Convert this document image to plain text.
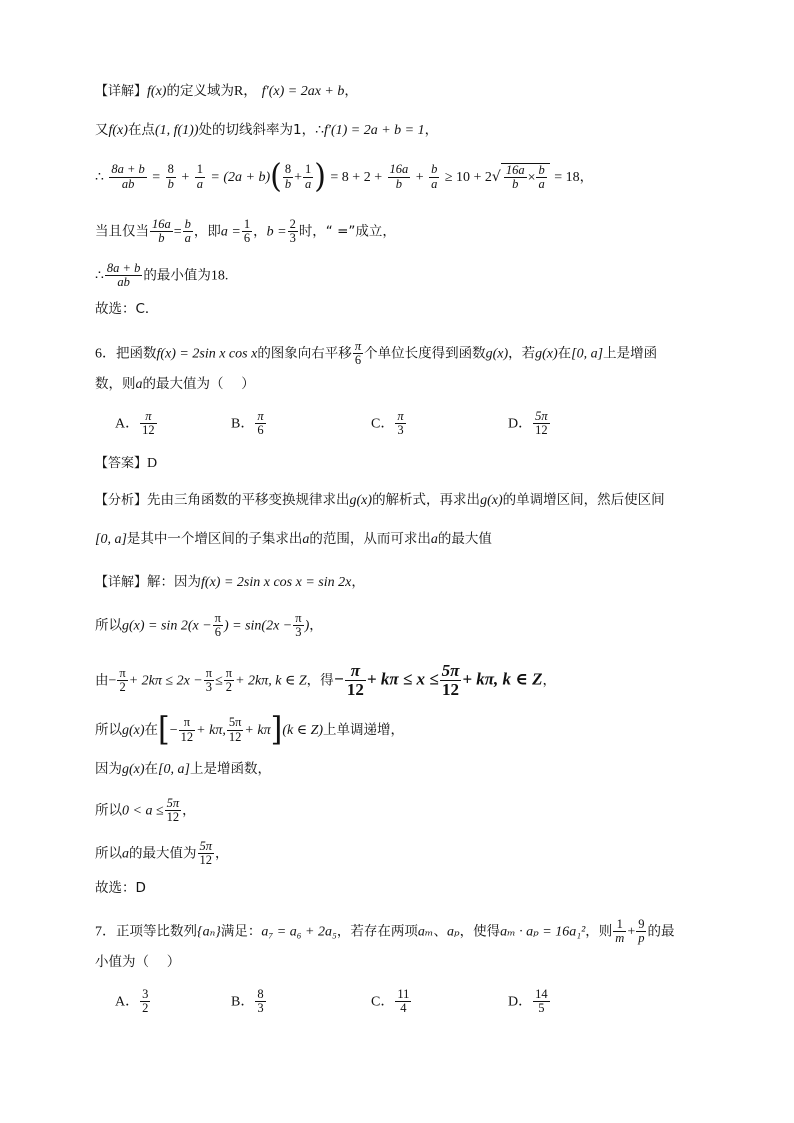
【详解】f(x)的定义域为R， f′(x) = 2ax + b，
又f(x)在点(1, f(1))处的切线斜率为1，∴f′(1) = 2a + b = 1，
∴ $\frac{8a + b}{ab} = \frac{8}{b} + \frac{1}{a} = (2a + b)( \frac{8}{b} + \frac{1}{a}$ ) = $8 + 2 + \frac{16a}{b} + \frac{b}{a} \ge 10 + 2√ \frac{16a}{b} \times \frac{b}{a} = 18$，
当且仅当 $\frac{16a}{b} = \frac{b}{a}$ ，即$a = \frac{1}{6}$ ，$b = \frac{2}{3}$ 时，“ =”成立，
∴ $\frac{8a + b}{ab}$ 的最小值为18.
故选：C．
6．把函数f(x) = 2sin x cos x的图象向右平移 $\frac{\pi}{6}$ 个单位长度得到函数g(x)，若g(x)在[0, a]上是增函
数，则a的最大值为（　 ）
A． $\frac{\pi}{12}$	B． $\frac{\pi}{6}$	C． $\frac{\pi}{3}$	D． $\frac{5\pi}{12}$
【答案】D
【分析】先由三角函数的平移变换规律求出g(x)的解析式，再求出g(x)的单调增区间，然后使区间
[0, a]是其中一个增区间的子集求出a的范围，从而可求出a的最大值
【详解】解：因为f(x) = 2sin x cos x = sin 2x，
所以$g(x) = \sin 2(x - \frac{\pi}{6}$ ) = $\sin(2x - \frac{\pi}{3}$ )，
由− $\frac{\pi}{2} + 2k\pi \le 2x - \frac{\pi}{3} \le \frac{\pi}{2} + 2k\pi$, k ∈ Z，得− $\frac{\pi}{12} + k\pi \le x \le \frac{5\pi}{12} + k\pi$, k ∈ Z，
所以g(x)在[− $\frac{\pi}{12} + k\pi$, $\frac{5\pi}{12} + k\pi](k$ ∈ Z)上单调递增，
因为g(x)在[0, a]上是增函数，
所以$0 < a \le \frac{5\pi}{12}$ ，
所以a的最大值为 $\frac{5\pi}{12}$ ，
故选：D
7．正项等比数列{aₙ}满足：a₇ = a₆ + 2a₅，若存在两项aₘ、aₚ，使得aₘ · aₚ = 16a₁²，则 $\frac{1}{m} + \frac{9}{p}$ 的最
小值为（　 ）
A． $\frac{3}{2}$	B． $\frac{8}{3}$	C． $\frac{11}{4}$	D． $\frac{14}{5}$
